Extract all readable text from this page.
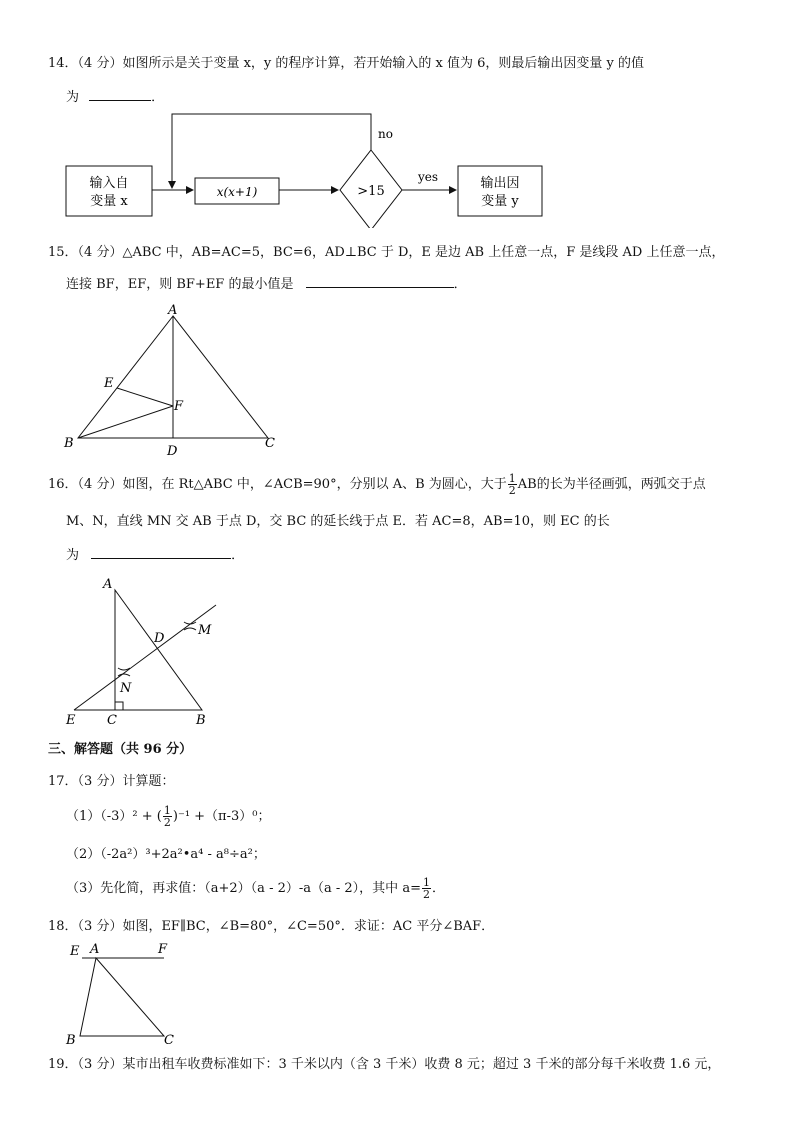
14．（4 分）如图所示是关于变量 x，y 的程序计算，若开始输入的 x 值为 6，则最后输出因变量 y 的值
为	．
输入自
变量 x
x(x+1)	>15
no
yes	输出因
变量 y
15．（4 分）△ABC 中，AB=AC=5，BC=6，AD⊥BC 于 D，E 是边 AB 上任意一点，F 是线段 AD 上任意一点，
连接 BF，EF，则 BF+EF 的最小值是	．
A
B	C
D
E
F
16．（4 分）如图，在 Rt△ABC 中，∠ACB=90°，分别以 A、B 为圆心，大于 $\frac{1}{2}$ AB的长为半径画弧，两弧交于点
M、N，直线 MN 交 AB 于点 D，交 BC 的延长线于点 E．若 AC=8，AB=10，则 EC 的长
为	．
A
B
C
D
E
M
N
三、解答题（共 96 分）
17．（3 分）计算题：
（1）（-3）² + ( $\frac{1}{2} )^{-1} +(\pi-3)^0$；
（2）（-2a²）³+2a²•a⁴ - a⁸÷a²；
（3）先化简，再求值：（a+2）（a - 2）-a（a - 2），其中 $a= \frac{1}{2}$ ．
18．（3 分）如图，EF∥BC，∠B=80°，∠C=50°．求证：AC 平分∠BAF．
E A	F
B	C
19．（3 分）某市出租车收费标准如下：3 千米以内（含 3 千米）收费 8 元；超过 3 千米的部分每千米收费 1.6 元，
